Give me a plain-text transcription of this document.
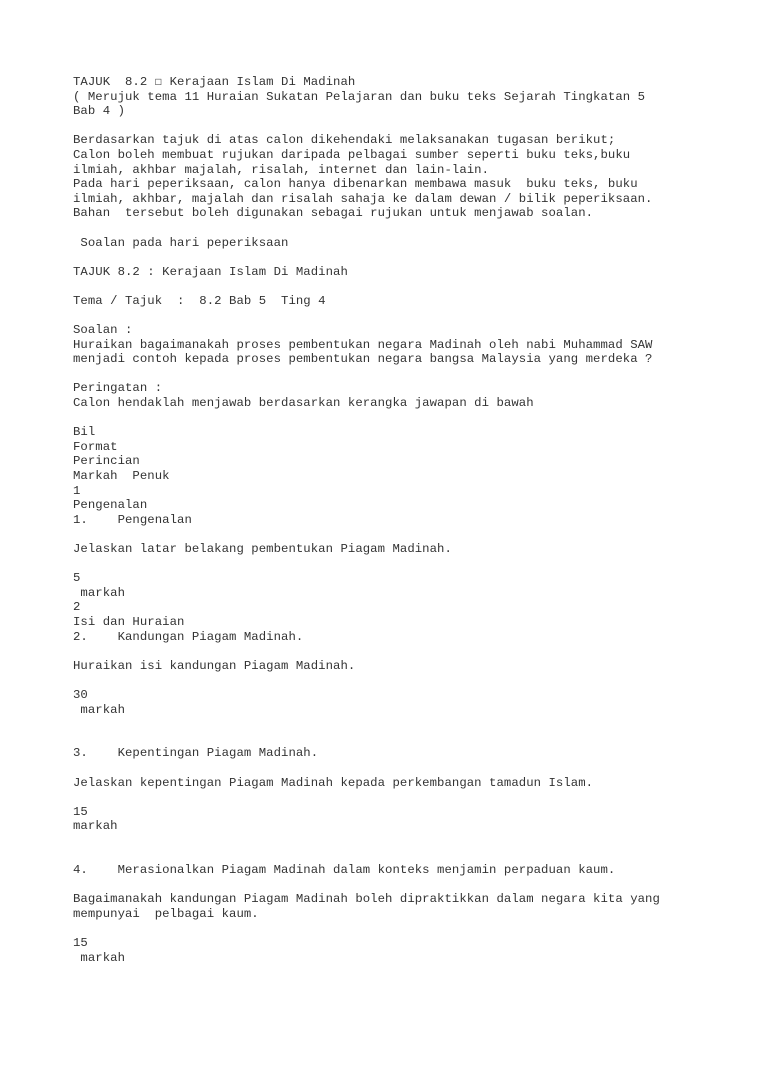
TAJUK  8.2 ☐ Kerajaan Islam Di Madinah
( Merujuk tema 11 Huraian Sukatan Pelajaran dan buku teks Sejarah Tingkatan 5
Bab 4 )
Berdasarkan tajuk di atas calon dikehendaki melaksanakan tugasan berikut;
Calon boleh membuat rujukan daripada pelbagai sumber seperti buku teks,buku
ilmiah, akhbar majalah, risalah, internet dan lain-lain.
Pada hari peperiksaan, calon hanya dibenarkan membawa masuk  buku teks, buku
ilmiah, akhbar, majalah dan risalah sahaja ke dalam dewan / bilik peperiksaan.
Bahan  tersebut boleh digunakan sebagai rujukan untuk menjawab soalan.
Soalan pada hari peperiksaan
TAJUK 8.2 : Kerajaan Islam Di Madinah
Tema / Tajuk  :  8.2 Bab 5  Ting 4
Soalan :
Huraikan bagaimanakah proses pembentukan negara Madinah oleh nabi Muhammad SAW
menjadi contoh kepada proses pembentukan negara bangsa Malaysia yang merdeka ?
Peringatan :
Calon hendaklah menjawab berdasarkan kerangka jawapan di bawah
Bil
Format
Perincian
Markah  Penuk
1
Pengenalan
1.    Pengenalan
Jelaskan latar belakang pembentukan Piagam Madinah.
5
markah
2
Isi dan Huraian
2.    Kandungan Piagam Madinah.
Huraikan isi kandungan Piagam Madinah.
30
markah
3.    Kepentingan Piagam Madinah.
Jelaskan kepentingan Piagam Madinah kepada perkembangan tamadun Islam.
15
markah
4.    Merasionalkan Piagam Madinah dalam konteks menjamin perpaduan kaum.
Bagaimanakah kandungan Piagam Madinah boleh dipraktikkan dalam negara kita yang
mempunyai  pelbagai kaum.
15
markah
